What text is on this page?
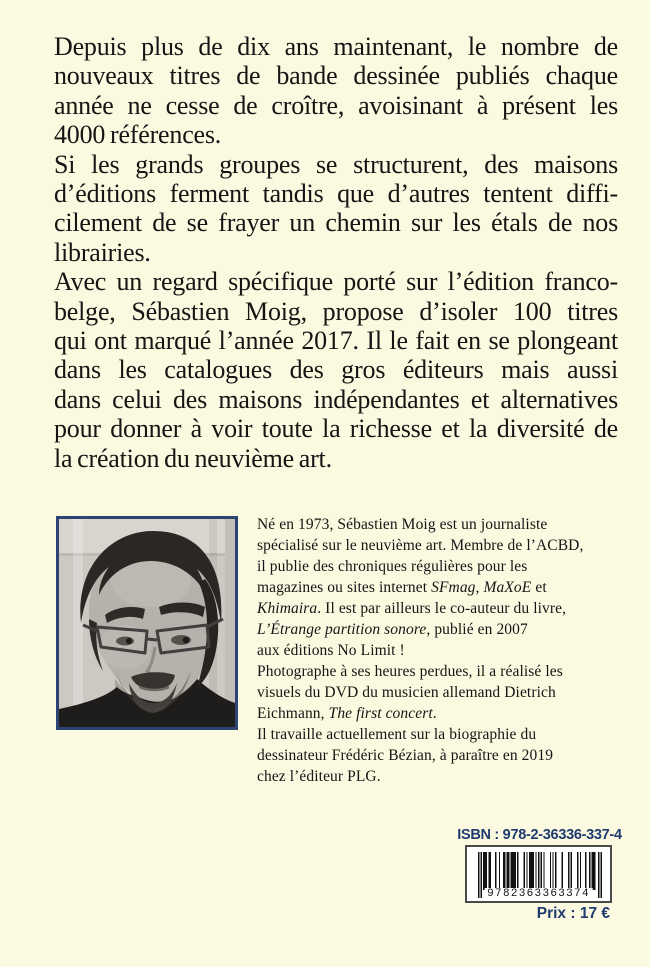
Depuis plus de dix ans maintenant, le nombre de
nouveaux titres de bande dessinée publiés chaque
année ne cesse de croître, avoisinant à présent les
4000 références.
Si les grands groupes se structurent, des maisons
d’éditions ferment tandis que d’autres tentent diffi-
cilement de se frayer un chemin sur les étals de nos
librairies.
Avec un regard spécifique porté sur l’édition franco-
belge, Sébastien Moig, propose d’isoler 100 titres
qui ont marqué l’année 2017. Il le fait en se plongeant
dans les catalogues des gros éditeurs mais aussi
dans celui des maisons indépendantes et alternatives
pour donner à voir toute la richesse et la diversité de
la création du neuvième art.
Né en 1973, Sébastien Moig est un journaliste
spécialisé sur le neuvième art. Membre de l’ACBD,
il publie des chroniques régulières pour les
magazines ou sites internet SFmag, MaXoE et
Khimaira. Il est par ailleurs le co-auteur du livre,
L’Étrange partition sonore, publié en 2007
aux éditions No Limit !
Photographe à ses heures perdues, il a réalisé les
visuels du DVD du musicien allemand Dietrich
Eichmann, The first concert.
Il travaille actuellement sur la biographie du
dessinateur Frédéric Bézian, à paraître en 2019
chez l’éditeur PLG.
ISBN : 978-2-36336-337-4
9782363363374
Prix : 17 €
